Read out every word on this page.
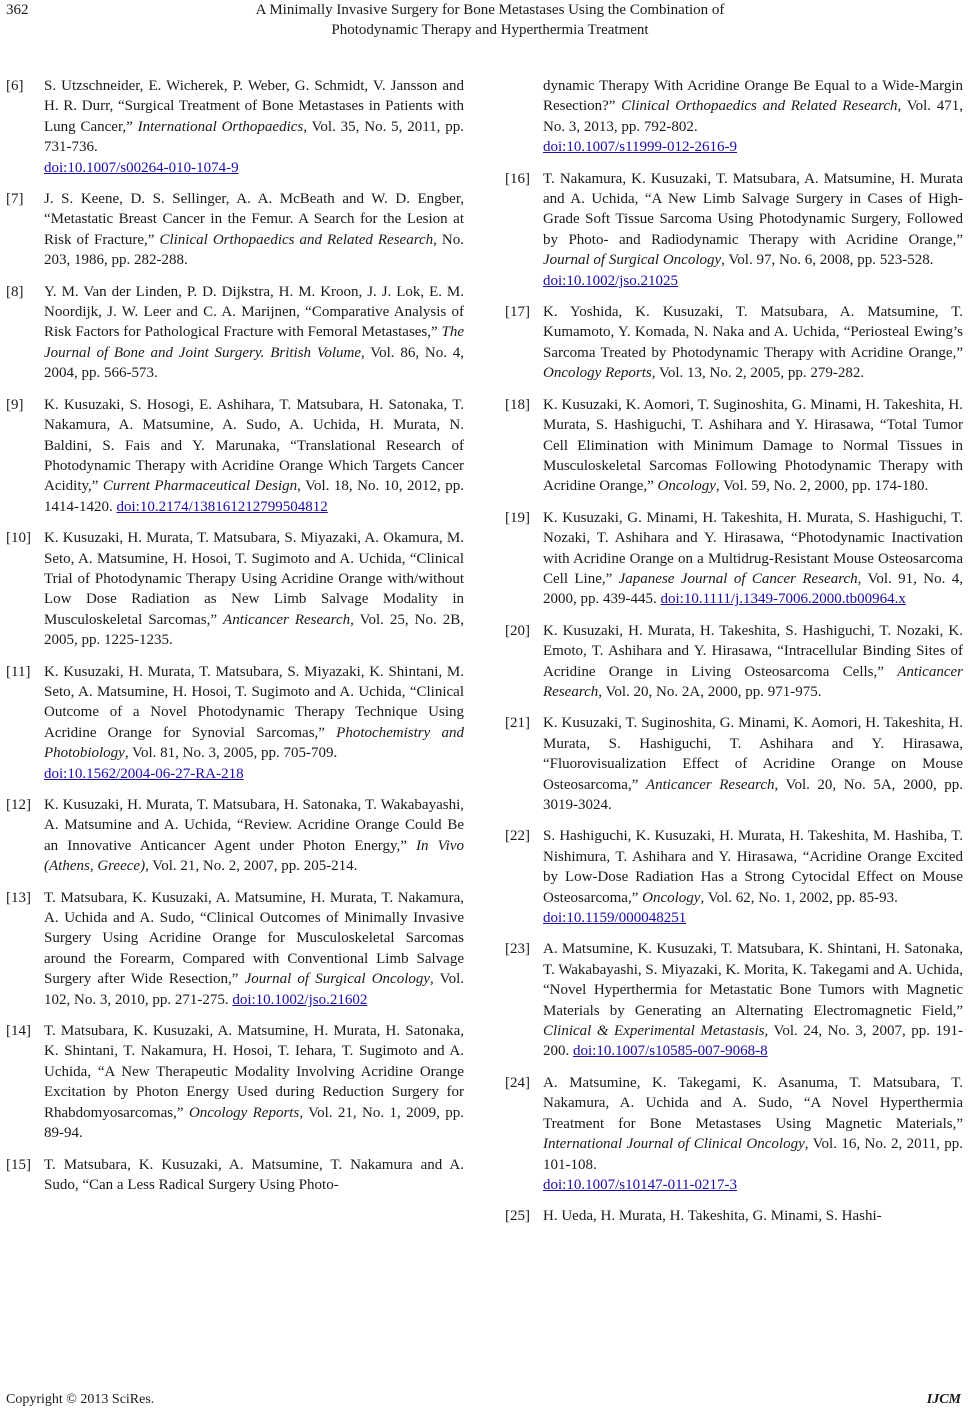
362	A Minimally Invasive Surgery for Bone Metastases Using the Combination of
Photodynamic Therapy and Hyperthermia Treatment
[6]	S. Utzschneider, E. Wicherek, P. Weber, G. Schmidt, V. Jansson and H. R. Durr, “Surgical Treatment of Bone Metastases in Patients with Lung Cancer,” International Orthopaedics, Vol. 35, No. 5, 2011, pp. 731-736.
doi:10.1007/s00264-010-1074-9
[7]	J. S. Keene, D. S. Sellinger, A. A. McBeath and W. D. Engber, “Metastatic Breast Cancer in the Femur. A Search for the Lesion at Risk of Fracture,” Clinical Orthopaedics and Related Research, No. 203, 1986, pp. 282-288.
[8]	Y. M. Van der Linden, P. D. Dijkstra, H. M. Kroon, J. J. Lok, E. M. Noordijk, J. W. Leer and C. A. Marijnen, “Comparative Analysis of Risk Factors for Pathological Fracture with Femoral Metastases,” The Journal of Bone and Joint Surgery. British Volume, Vol. 86, No. 4, 2004, pp. 566-573.
[9]	K. Kusuzaki, S. Hosogi, E. Ashihara, T. Matsubara, H. Satonaka, T. Nakamura, A. Matsumine, A. Sudo, A. Uchida, H. Murata, N. Baldini, S. Fais and Y. Marunaka, “Translational Research of Photodynamic Therapy with Acridine Orange Which Targets Cancer Acidity,” Current Pharmaceutical Design, Vol. 18, No. 10, 2012, pp. 1414-1420. doi:10.2174/138161212799504812
[10] K. Kusuzaki, H. Murata, T. Matsubara, S. Miyazaki, A. Okamura, M. Seto, A. Matsumine, H. Hosoi, T. Sugimoto and A. Uchida, “Clinical Trial of Photodynamic Therapy Using Acridine Orange with/without Low Dose Radiation as New Limb Salvage Modality in Musculoskeletal Sarcomas,” Anticancer Research, Vol. 25, No. 2B, 2005, pp. 1225-1235.
[11] K. Kusuzaki, H. Murata, T. Matsubara, S. Miyazaki, K. Shintani, M. Seto, A. Matsumine, H. Hosoi, T. Sugimoto and A. Uchida, “Clinical Outcome of a Novel Photodynamic Therapy Technique Using Acridine Orange for Synovial Sarcomas,” Photochemistry and Photobiology, Vol. 81, No. 3, 2005, pp. 705-709.
doi:10.1562/2004-06-27-RA-218
[12] K. Kusuzaki, H. Murata, T. Matsubara, H. Satonaka, T. Wakabayashi, A. Matsumine and A. Uchida, “Review. Acridine Orange Could Be an Innovative Anticancer Agent under Photon Energy,” In Vivo (Athens, Greece), Vol. 21, No. 2, 2007, pp. 205-214.
[13] T. Matsubara, K. Kusuzaki, A. Matsumine, H. Murata, T. Nakamura, A. Uchida and A. Sudo, “Clinical Outcomes of Minimally Invasive Surgery Using Acridine Orange for Musculoskeletal Sarcomas around the Forearm, Compared with Conventional Limb Salvage Surgery after Wide Resection,” Journal of Surgical Oncology, Vol. 102, No. 3, 2010, pp. 271-275. doi:10.1002/jso.21602
[14] T. Matsubara, K. Kusuzaki, A. Matsumine, H. Murata, H. Satonaka, K. Shintani, T. Nakamura, H. Hosoi, T. Iehara, T. Sugimoto and A. Uchida, “A New Therapeutic Modality Involving Acridine Orange Excitation by Photon Energy Used during Reduction Surgery for Rhabdomyosarcomas,” Oncology Reports, Vol. 21, No. 1, 2009, pp. 89-94.
[15] T. Matsubara, K. Kusuzaki, A. Matsumine, T. Nakamura and A. Sudo, “Can a Less Radical Surgery Using Photo-
dynamic Therapy With Acridine Orange Be Equal to a Wide-Margin Resection?” Clinical Orthopaedics and Related Research, Vol. 471, No. 3, 2013, pp. 792-802.
doi:10.1007/s11999-012-2616-9
[16] T. Nakamura, K. Kusuzaki, T. Matsubara, A. Matsumine, H. Murata and A. Uchida, “A New Limb Salvage Surgery in Cases of High-Grade Soft Tissue Sarcoma Using Photodynamic Surgery, Followed by Photo- and Radiodynamic Therapy with Acridine Orange,” Journal of Surgical Oncology, Vol. 97, No. 6, 2008, pp. 523-528.
doi:10.1002/jso.21025
[17] K. Yoshida, K. Kusuzaki, T. Matsubara, A. Matsumine, T. Kumamoto, Y. Komada, N. Naka and A. Uchida, “Periosteal Ewing’s Sarcoma Treated by Photodynamic Therapy with Acridine Orange,” Oncology Reports, Vol. 13, No. 2, 2005, pp. 279-282.
[18] K. Kusuzaki, K. Aomori, T. Suginoshita, G. Minami, H. Takeshita, H. Murata, S. Hashiguchi, T. Ashihara and Y. Hirasawa, “Total Tumor Cell Elimination with Minimum Damage to Normal Tissues in Musculoskeletal Sarcomas Following Photodynamic Therapy with Acridine Orange,” Oncology, Vol. 59, No. 2, 2000, pp. 174-180.
[19] K. Kusuzaki, G. Minami, H. Takeshita, H. Murata, S. Hashiguchi, T. Nozaki, T. Ashihara and Y. Hirasawa, “Photodynamic Inactivation with Acridine Orange on a Multidrug-Resistant Mouse Osteosarcoma Cell Line,” Japanese Journal of Cancer Research, Vol. 91, No. 4, 2000, pp. 439-445. doi:10.1111/j.1349-7006.2000.tb00964.x
[20] K. Kusuzaki, H. Murata, H. Takeshita, S. Hashiguchi, T. Nozaki, K. Emoto, T. Ashihara and Y. Hirasawa, “Intracellular Binding Sites of Acridine Orange in Living Osteosarcoma Cells,” Anticancer Research, Vol. 20, No. 2A, 2000, pp. 971-975.
[21] K. Kusuzaki, T. Suginoshita, G. Minami, K. Aomori, H. Takeshita, H. Murata, S. Hashiguchi, T. Ashihara and Y. Hirasawa, “Fluorovisualization Effect of Acridine Orange on Mouse Osteosarcoma,” Anticancer Research, Vol. 20, No. 5A, 2000, pp. 3019-3024.
[22] S. Hashiguchi, K. Kusuzaki, H. Murata, H. Takeshita, M. Hashiba, T. Nishimura, T. Ashihara and Y. Hirasawa, “Acridine Orange Excited by Low-Dose Radiation Has a Strong Cytocidal Effect on Mouse Osteosarcoma,” Oncology, Vol. 62, No. 1, 2002, pp. 85-93.
doi:10.1159/000048251
[23] A. Matsumine, K. Kusuzaki, T. Matsubara, K. Shintani, H. Satonaka, T. Wakabayashi, S. Miyazaki, K. Morita, K. Takegami and A. Uchida, “Novel Hyperthermia for Metastatic Bone Tumors with Magnetic Materials by Generating an Alternating Electromagnetic Field,” Clinical & Experimental Metastasis, Vol. 24, No. 3, 2007, pp. 191-200. doi:10.1007/s10585-007-9068-8
[24] A. Matsumine, K. Takegami, K. Asanuma, T. Matsubara, T. Nakamura, A. Uchida and A. Sudo, “A Novel Hyperthermia Treatment for Bone Metastases Using Magnetic Materials,” International Journal of Clinical Oncology, Vol. 16, No. 2, 2011, pp. 101-108.
doi:10.1007/s10147-011-0217-3
[25] H. Ueda, H. Murata, H. Takeshita, G. Minami, S. Hashi-
Copyright © 2013 SciRes.	IJCM
